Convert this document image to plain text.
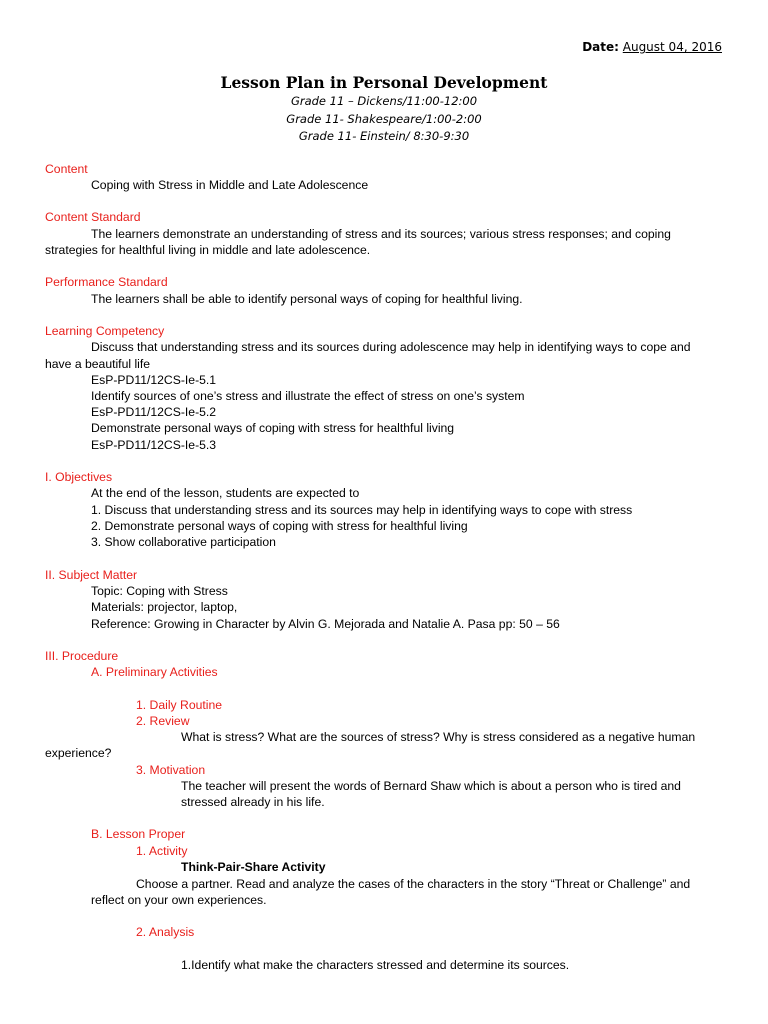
Date: August 04, 2016
Lesson Plan in Personal Development
Grade 11 – Dickens/11:00-12:00
Grade 11- Shakespeare/1:00-2:00
Grade 11- Einstein/ 8:30-9:30
Content
Coping with Stress in Middle and Late Adolescence
Content Standard
The learners demonstrate an understanding of stress and its sources; various stress responses; and coping
strategies for healthful living in middle and late adolescence.
Performance Standard
The learners shall be able to identify personal ways of coping for healthful living.
Learning Competency
Discuss that understanding stress and its sources during adolescence may help in identifying ways to cope and
have a beautiful life
EsP-PD11/12CS-Ie-5.1
Identify sources of one’s stress and illustrate the effect of stress on one’s system
EsP-PD11/12CS-Ie-5.2
Demonstrate personal ways of coping with stress for healthful living
EsP-PD11/12CS-Ie-5.3
I. Objectives
At the end of the lesson, students are expected to
1. Discuss that understanding stress and its sources may help in identifying ways to cope with stress
2. Demonstrate personal ways of coping with stress for healthful living
3. Show collaborative participation
II. Subject Matter
Topic: Coping with Stress
Materials: projector, laptop,
Reference: Growing in Character by Alvin G. Mejorada and Natalie A. Pasa pp: 50 – 56
III. Procedure
A. Preliminary Activities
1. Daily Routine
2. Review
What is stress? What are the sources of stress? Why is stress considered as a negative human
experience?
3. Motivation
The teacher will present the words of Bernard Shaw which is about a person who is tired and
stressed already in his life.
B. Lesson Proper
1. Activity
Think-Pair-Share Activity
Choose a partner. Read and analyze the cases of the characters in the story “Threat or Challenge” and
reflect on your own experiences.
2. Analysis
1.Identify what make the characters stressed and determine its sources.
